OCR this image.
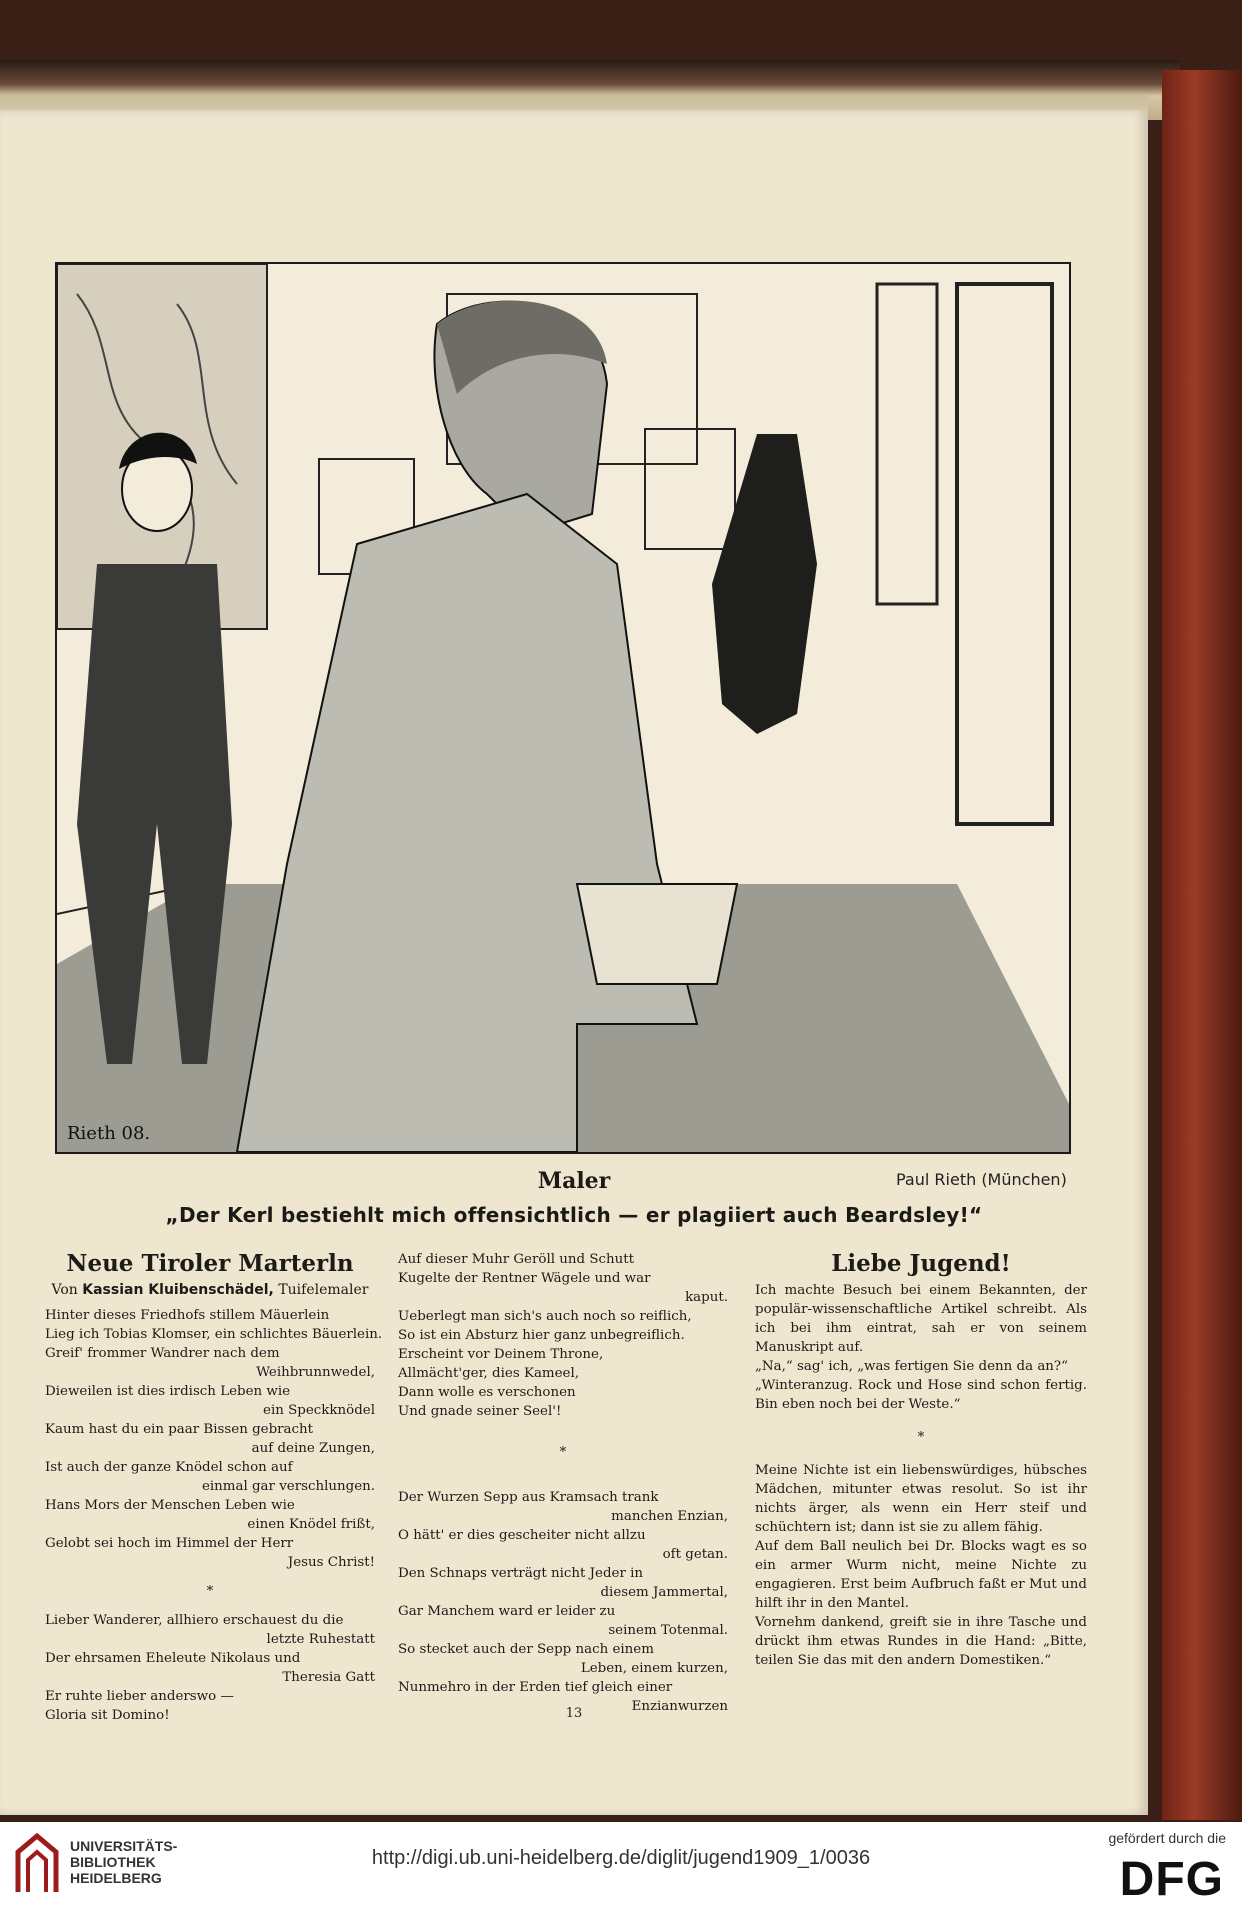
Rieth 08.
Maler	Paul Rieth (München)
„Der Kerl bestiehlt mich offensichtlich — er plagiiert auch Beardsley!“
Neue Tiroler Marterln
Von Kassian Kluibenschädel, Tuifelemaler
Hinter dieses Friedhofs stillem Mäuerlein
Lieg ich Tobias Klomser, ein schlichtes Bäuerlein.
Greif' frommer Wandrer nach dem
Weihbrunnwedel,
Dieweilen ist dies irdisch Leben wie
ein Speckknödel
Kaum hast du ein paar Bissen gebracht
auf deine Zungen,
Ist auch der ganze Knödel schon auf
einmal gar verschlungen.
Hans Mors der Menschen Leben wie
einen Knödel frißt,
Gelobt sei hoch im Himmel der Herr
Jesus Christ!
*
Lieber Wanderer, allhiero erschauest du die
letzte Ruhestatt
Der ehrsamen Eheleute Nikolaus und
Theresia Gatt
Er ruhte lieber anderswo —
Gloria sit Domino!
Auf dieser Muhr Geröll und Schutt
Kugelte der Rentner Wägele und war
kaput.
Ueberlegt man sich's auch noch so reiflich,
So ist ein Absturz hier ganz unbegreiflich.
Erscheint vor Deinem Throne,
Allmächt'ger, dies Kameel,
Dann wolle es verschonen
Und gnade seiner Seel'!
*
Der Wurzen Sepp aus Kramsach trank
manchen Enzian,
O hätt' er dies gescheiter nicht allzu
oft getan.
Den Schnaps verträgt nicht Jeder in
diesem Jammertal,
Gar Manchem ward er leider zu
seinem Totenmal.
So stecket auch der Sepp nach einem
Leben, einem kurzen,
Nunmehro in der Erden tief gleich einer
Enzianwurzen
Liebe Jugend!

Ich machte Besuch bei einem Bekannten, der populär-wissenschaftliche Artikel schreibt. Als ich bei ihm eintrat, sah er von seinem Manuskript auf.

„Na,“ sag' ich, „was fertigen Sie denn da an?“

„Winteranzug. Rock und Hose sind schon fertig. Bin eben noch bei der Weste.“

*

Meine Nichte ist ein liebenswürdiges, hübsches Mädchen, mitunter etwas resolut. So ist ihr nichts ärger, als wenn ein Herr steif und schüchtern ist; dann ist sie zu allem fähig.

Auf dem Ball neulich bei Dr. Blocks wagt es so ein armer Wurm nicht, meine Nichte zu engagieren. Erst beim Aufbruch faßt er Mut und hilft ihr in den Mantel.

Vornehm dankend, greift sie in ihre Tasche und drückt ihm etwas Rundes in die Hand: „Bitte, teilen Sie das mit den andern Domestiken.“

13
UNIVERSITÄTS-
BIBLIOTHEK
HEIDELBERG
http://digi.ub.uni-heidelberg.de/diglit/jugend1909_1/0036
gefördert durch die
DFG
